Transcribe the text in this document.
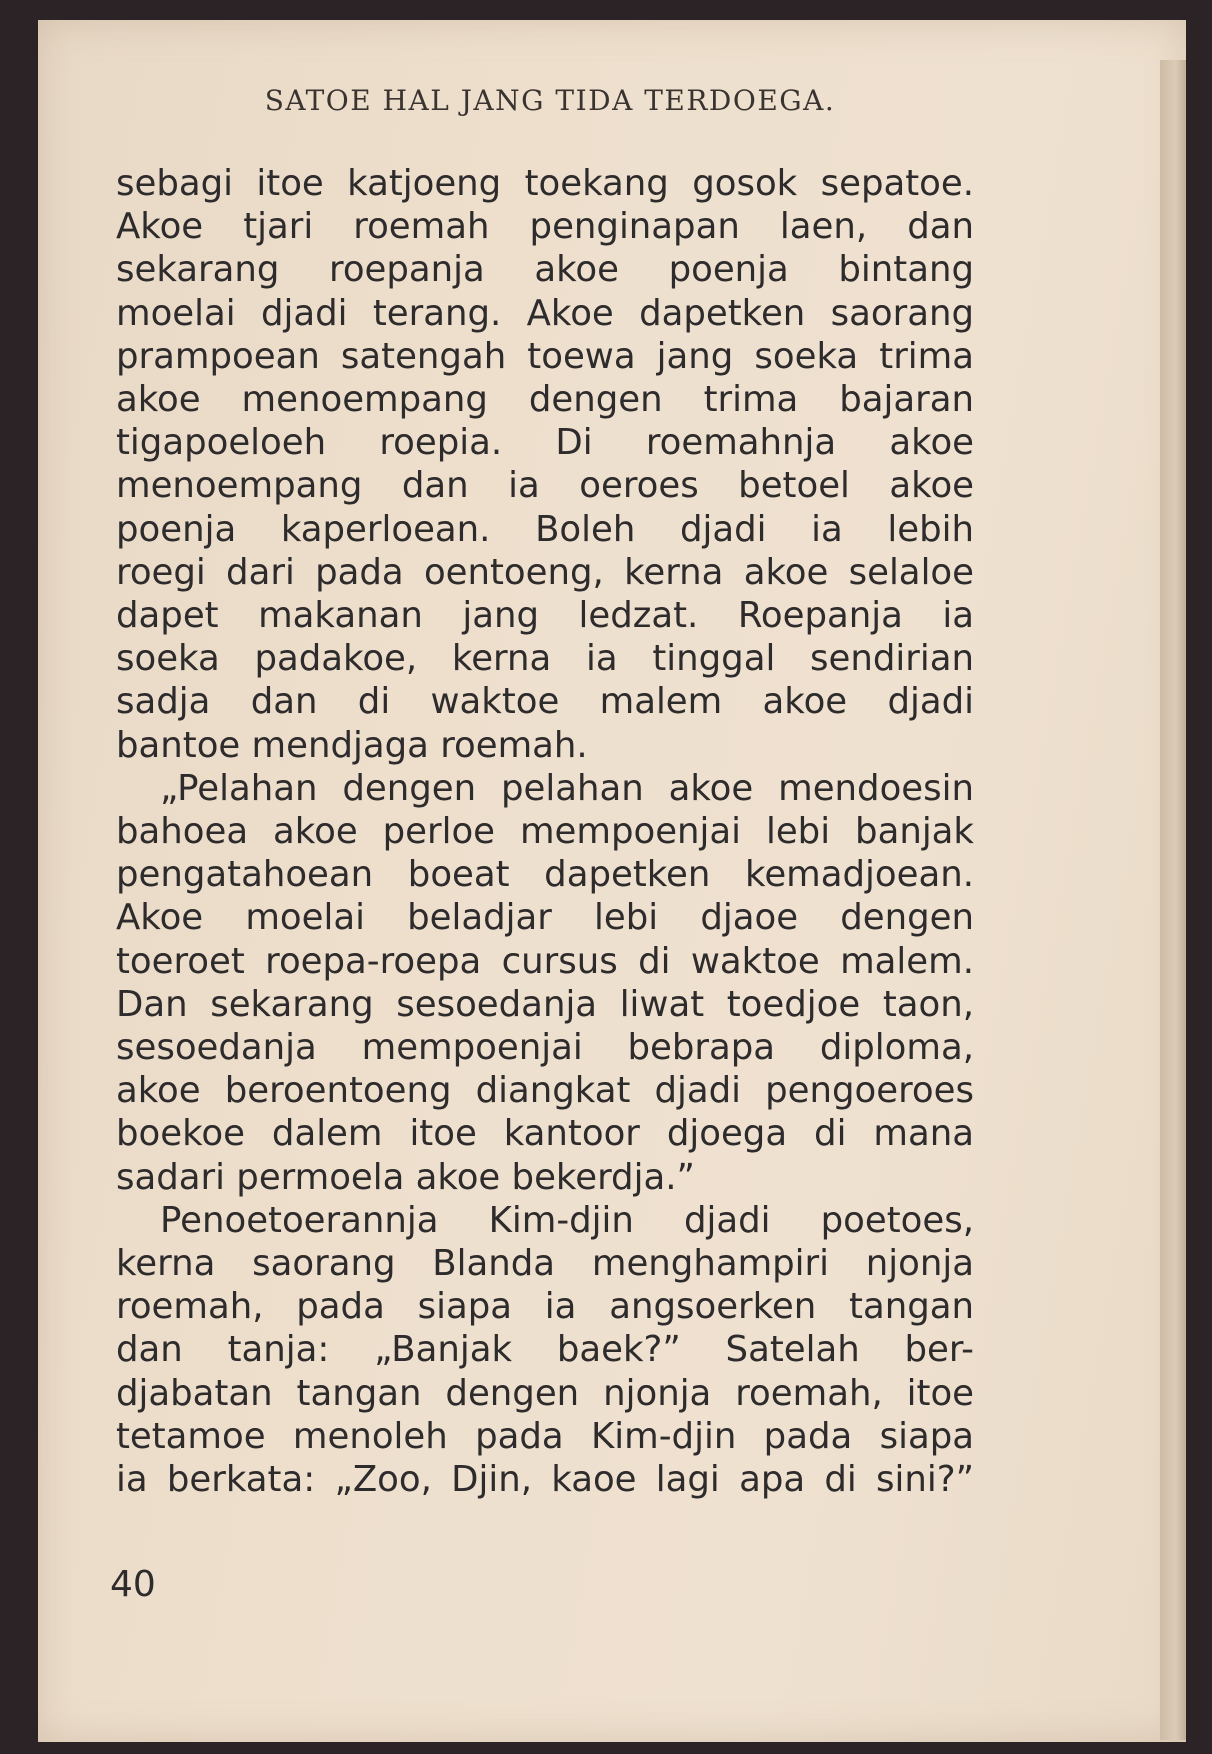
SATOE HAL JANG TIDA TERDOEGA.
sebagi itoe katjoeng toekang gosok sepatoe.
Akoe tjari roemah penginapan laen, dan
sekarang roepanja akoe poenja bintang
moelai djadi terang. Akoe dapetken saorang
prampoean satengah toewa jang soeka trima
akoe menoempang dengen trima bajaran
tigapoeloeh roepia. Di roemahnja akoe
menoempang dan ia oeroes betoel akoe
poenja kaperloean. Boleh djadi ia lebih
roegi dari pada oentoeng, kerna akoe selaloe
dapet makanan jang ledzat. Roepanja ia
soeka padakoe, kerna ia tinggal sendirian
sadja dan di waktoe malem akoe djadi
bantoe mendjaga roemah.
„Pelahan dengen pelahan akoe mendoesin
bahoea akoe perloe mempoenjai lebi banjak
pengatahoean boeat dapetken kemadjoean.
Akoe moelai beladjar lebi djaoe dengen
toeroet roepa-roepa cursus di waktoe malem.
Dan sekarang sesoedanja liwat toedjoe taon,
sesoedanja mempoenjai bebrapa diploma,
akoe beroentoeng diangkat djadi pengoeroes
boekoe dalem itoe kantoor djoega di mana
sadari permoela akoe bekerdja.”
Penoetoerannja Kim-djin djadi poetoes,
kerna saorang Blanda menghampiri njonja
roemah, pada siapa ia angsoerken tangan
dan tanja: „Banjak baek?” Satelah ber-
djabatan tangan dengen njonja roemah, itoe
tetamoe menoleh pada Kim-djin pada siapa
ia berkata: „Zoo, Djin, kaoe lagi apa di sini?”
40
